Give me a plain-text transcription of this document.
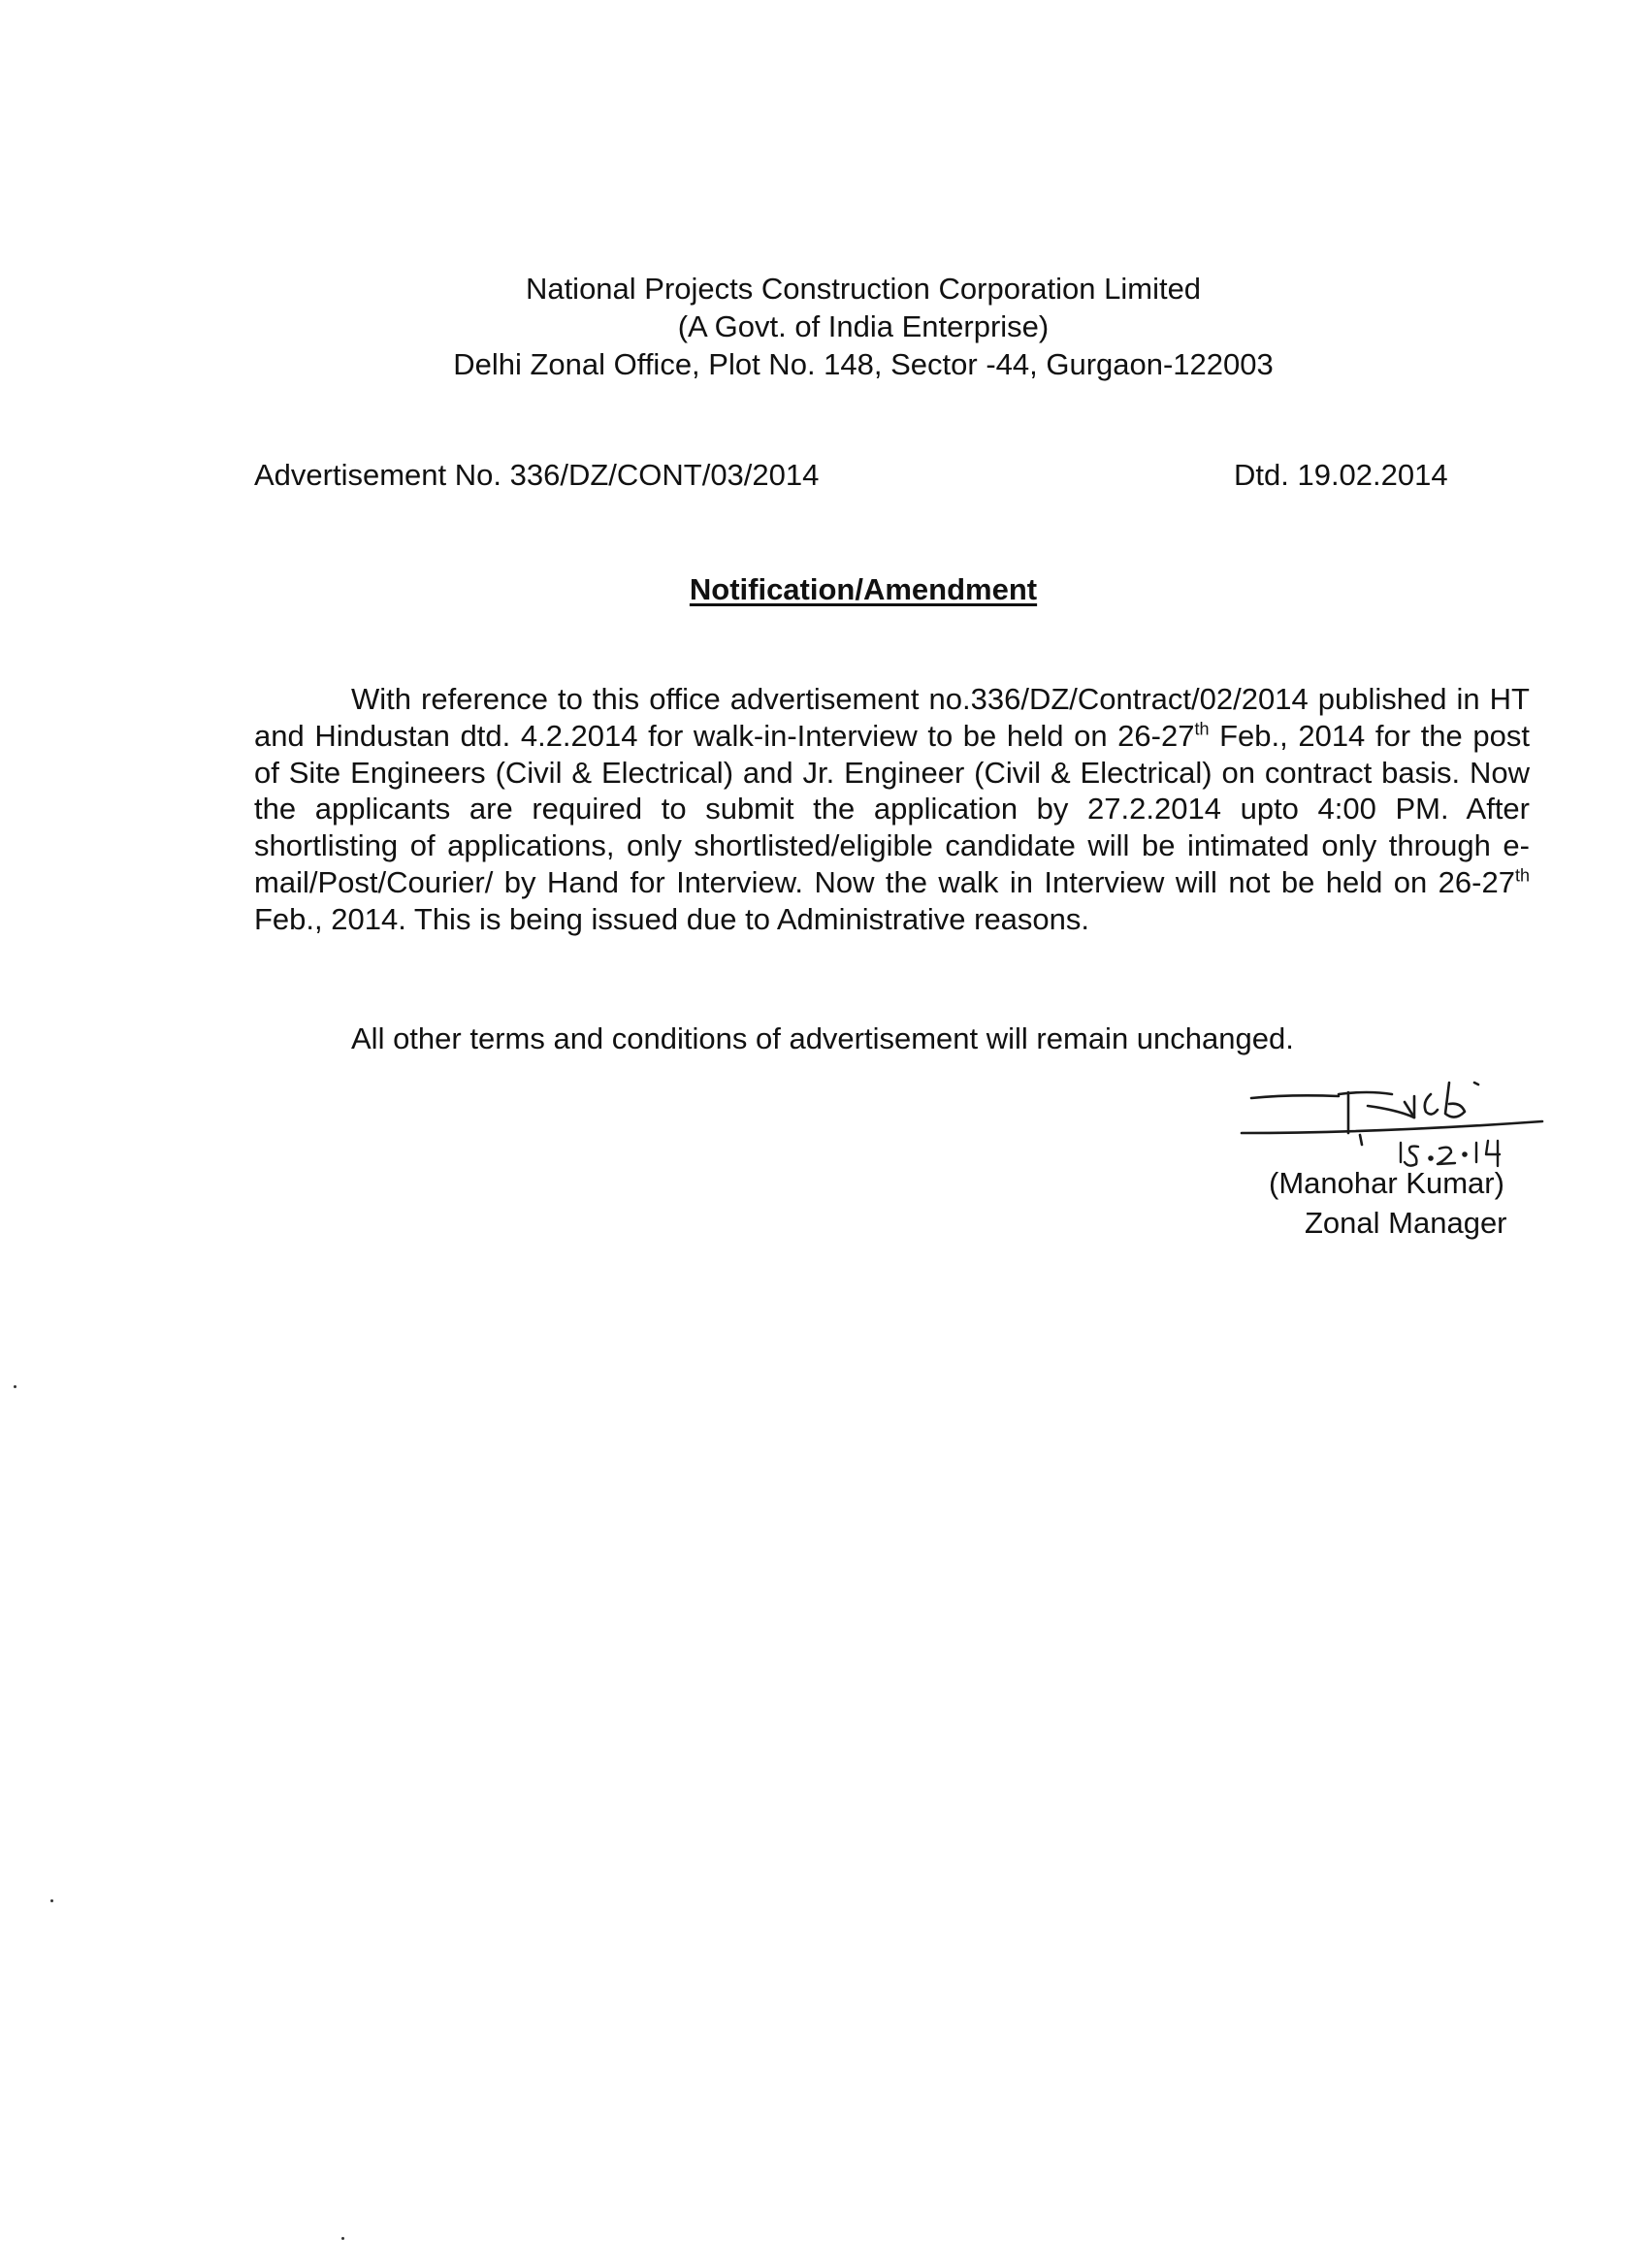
National Projects Construction Corporation Limited
(A Govt. of India Enterprise)
Delhi Zonal Office, Plot No. 148, Sector -44, Gurgaon-122003
Advertisement No. 336/DZ/CONT/03/2014	Dtd. 19.02.2014
Notification/Amendment

With reference to this office advertisement no.336/DZ/Contract/02/2014 published in HT and Hindustan dtd. 4.2.2014 for walk-in-Interview to be held on 26-27th Feb., 2014 for the post of Site Engineers (Civil & Electrical) and Jr. Engineer (Civil & Electrical) on contract basis. Now the applicants are required to submit the application by 27.2.2014 upto 4:00 PM. After shortlisting of applications, only shortlisted/eligible candidate will be intimated only through e-mail/Post/Courier/ by Hand for Interview. Now the walk in Interview will not be held on 26-27th Feb., 2014. This is being issued due to Administrative reasons.

All other terms and conditions of advertisement will remain unchanged.
(Manohar Kumar)
Zonal Manager
